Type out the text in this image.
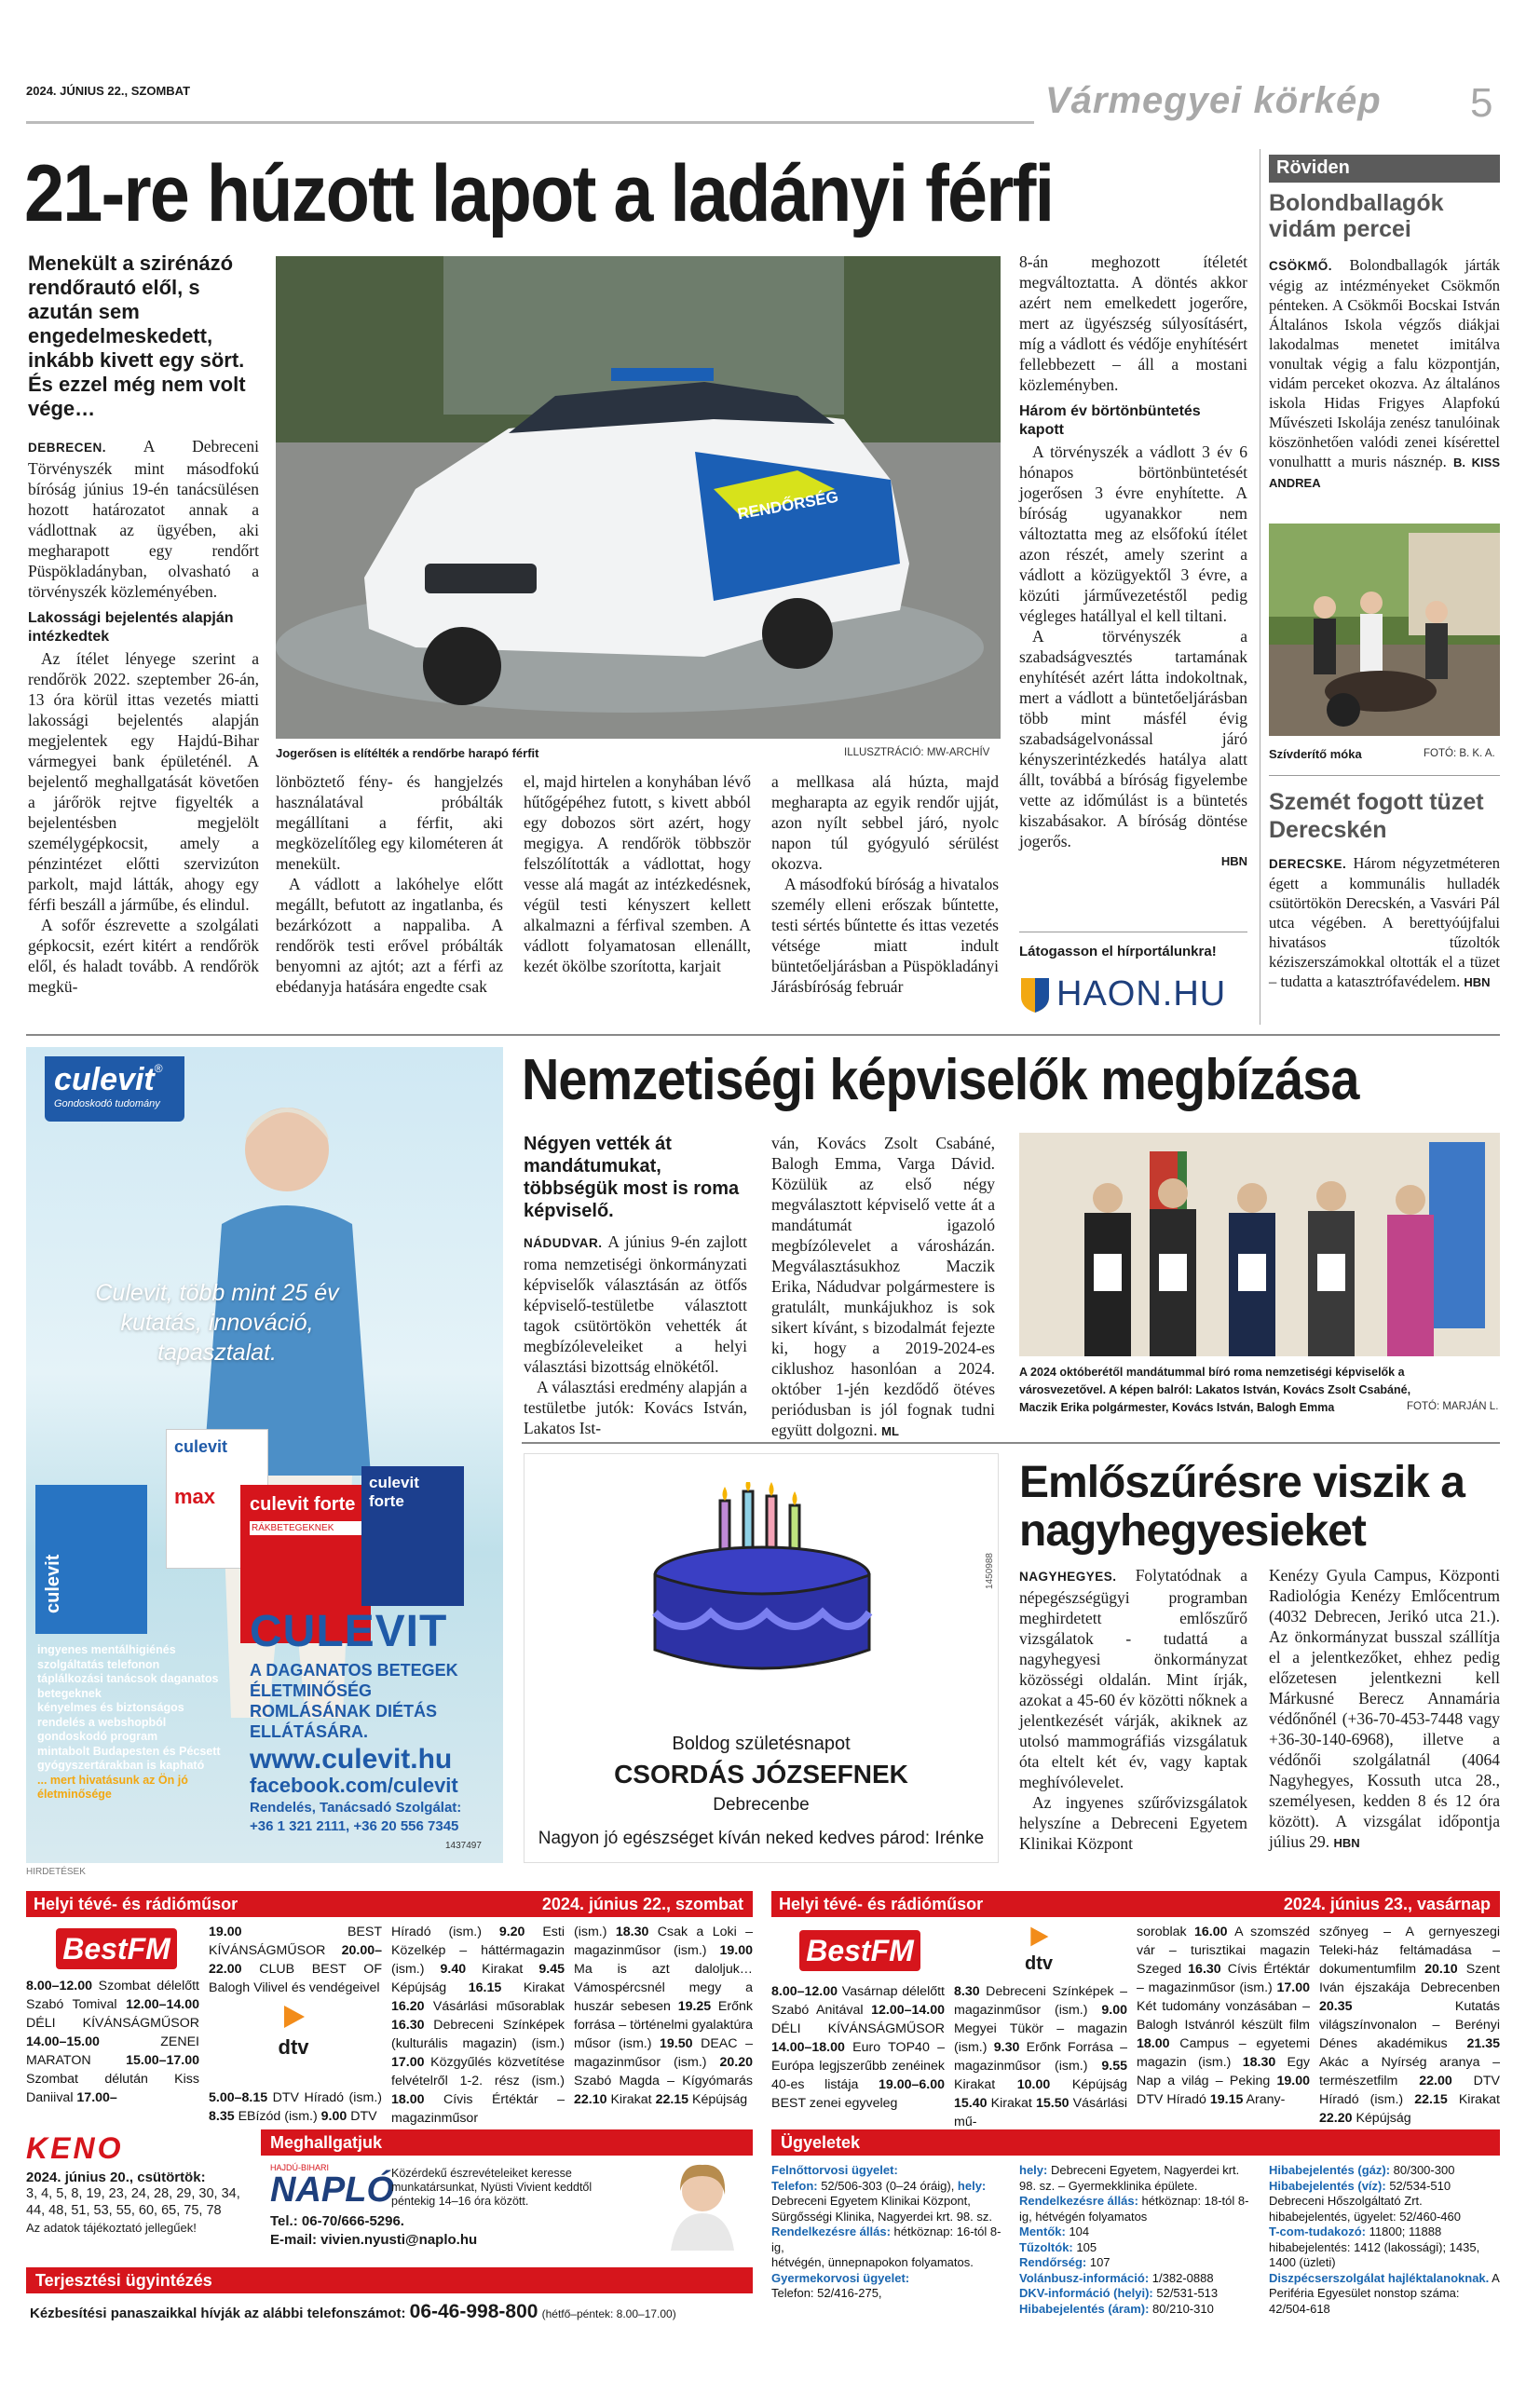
2024. JÚNIUS 22., SZOMBAT	Vármegyei körkép 5
21-re húzott lapot a ladányi férfi
Menekült a szirénázó rendőrautó elől, s azután sem engedelmeskedett, inkább kivett egy sört. És ezzel még nem volt vége…

DEBRECEN. A Debreceni Törvényszék mint másodfokú bíróság június 19-én tanácsülésen hozott határozatot annak a vádlottnak az ügyében, aki megharapott egy rendőrt Püspökladányban, olvasható a törvényszék közleményében.

Lakossági bejelentés alapján intézkedtek

Az ítélet lényege szerint a rendőrök 2022. szeptember 26-án, 13 óra körül ittas vezetés miatti lakossági bejelentés alapján megjelentek egy Hajdú-Bihar vármegyei bank épületénél. A bejelentő meghallgatását követően a járőrök rejtve figyelték a bejelentésben megjelölt személygépkocsit, amely a pénzintézet előtti szervizúton parkolt, majd látták, ahogy egy férfi beszáll a járműbe, és elindul.

A sofőr észrevette a szolgálati gépkocsit, ezért kitért a rendőrök elől, és haladt tovább. A rendőrök megkü-

RENDŐRSÉG
Jogerősen is elítélték a rendőrbe harapó férfit	ILLUSZTRÁCIÓ: MW-ARCHÍV

lönböztető fény- és hangjelzés használatával próbálták megállítani a férfit, aki megközelítőleg egy kilométeren át menekült.

A vádlott a lakóhelye előtt megállt, befutott az ingatlanba, és bezárkózott a nappaliba. A rendőrök testi erővel próbálták benyomni az ajtót; azt a férfi az ebédanyja hatására engedte csak

el, majd hirtelen a konyhában lévő hűtőgépéhez futott, s kivett abból egy dobozos sört azért, hogy megigya. A rendőrök többször felszólították a vádlottat, hogy vesse alá magát az intézkedésnek, végül testi kényszert kellett alkalmazni a férfival szemben. A vádlott folyamatosan ellenállt, kezét ökölbe szorította, karjait

a mellkasa alá húzta, majd megharapta az egyik rendőr ujját, azon nyílt sebbel járó, nyolc napon túl gyógyuló sérülést okozva.

A másodfokú bíróság a hivatalos személy elleni erőszak bűntette, testi sértés bűntette és ittas vezetés vétsége miatt indult büntetőeljárásban a Püspökladányi Járásbíróság február

8-án meghozott ítéletét megváltoztatta. A döntés akkor azért nem emelkedett jogerőre, mert az ügyészség súlyosításért, míg a vádlott és védője enyhítésért fellebbezett – áll a mostani közleményben.

Három év börtönbüntetés kapott

A törvényszék a vádlott 3 év 6 hónapos börtönbüntetését jogerősen 3 évre enyhítette. A bíróság ugyanakkor nem változtatta meg az elsőfokú ítélet azon részét, amely szerint a vádlott a közügyektől 3 évre, a közúti járművezetéstől pedig végleges hatállyal el kell tiltani.

A törvényszék a szabadságvesztés tartamának enyhítését azért látta indokoltnak, mert a vádlott a büntetőeljárásban több mint másfél évig szabadságelvonással járó kényszerintézkedés hatálya alatt állt, továbbá a bíróság figyelembe vette az időmúlást is a büntetés kiszabásakor. A bíróság döntése jogerős.

HBN
Látogasson el hírportálunkra!
HAON.HU
Röviden
Bolondballagók vidám percei

CSÖKMŐ. Bolondballagók járták végig az intézményeket Csökmőn pénteken. A Csökmői Bocskai István Általános Iskola végzős diákjai lakodalmas menetet imitálva vonultak végig a falu központján, vidám perceket okozva. Az általános iskola Hidas Frigyes Alapfokú Művészeti Iskolája zenész tanulóinak köszönhetően valódi zenei kísérettel vonulhattt a muris násznép. B. KISS ANDREA

Szívderítő móka	FOTÓ: B. K. A.
Szemét fogott tüzet Derecskén

DERECSKE. Három négyzetméteren égett a kommunális hulladék csütörtökön Derecskén, a Vasvári Pál utca végében. A berettyóújfalui hivatásos tűzoltók kéziszerszámokkal oltották el a tüzet – tudatta a katasztrófavédelem. HBN

culevit®
Gondoskodó tudomány
Culevit, több mint 25 év kutatás, innováció, tapasztalat.
culevit
max
culevit
culevit forte
RÁKBETEGEKNEK
culevit forte
ingyenes mentálhigiénés szolgáltatás telefonon
táplálkozási tanácsok daganatos betegeknek
kényelmes és biztonságos rendelés a webshopból
gondoskodó program
mintabolt Budapesten és Pécsett
gyógyszertárakban is kapható
... mert hivatásunk az Ön jó életminősége
CULEVIT
A DAGANATOS BETEGEK ÉLETMINŐSÉG ROMLÁSÁNAK DIÉTÁS ELLÁTÁSÁRA.
www.culevit.hu
facebook.com/culevit
Rendelés, Tanácsadó Szolgálat:
+36 1 321 2111, +36 20 556 7345
1437497
HIRDETÉSEK
Nemzetiségi képviselők megbízása
Négyen vették át mandátumukat, többségük most is roma képviselő.

NÁDUDVAR. A június 9-én zajlott roma nemzetiségi önkormányzati képviselők választásán az ötfős képviselő-testületbe választott tagok csütörtökön vehették át megbízóleveleiket a helyi választási bizottság elnökétől.

A választási eredmény alapján a testületbe jutók: Kovács István, Lakatos Ist-

ván, Kovács Zsolt Csabáné, Balogh Emma, Varga Dávid. Közülük az első négy megválasztott képviselő vette át a mandátumát igazoló megbízólevelet a városházán. Megválasztásukhoz Maczik Erika, Nádudvar polgármestere is gratulált, munkájukhoz is sok sikert kívánt, s bizodalmát fejezte ki, hogy a 2019-2024-es ciklushoz hasonlóan a 2024. október 1-jén kezdődő ötéves periódusban is jól fognak tudni együtt dolgozni. ML

A 2024 októberétől mandátummal bíró roma nemzetiségi képviselők a városvezetővel. A képen balról: Lakatos István, Kovács Zsolt Csabáné, Maczik Erika polgármester, Kovács István, Balogh Emma	FOTÓ: MARJÁN L.
1450988
Boldog születésnapot
CSORDÁS JÓZSEFNEK
Debrecenbe
Nagyon jó egészséget kíván neked kedves párod: Irénke
Emlőszűrésre viszik a nagyhegyesieket

NAGYHEGYES. Folytatódnak a népegészségügyi programban meghirdetett emlőszűrő vizsgálatok - tudattá a nagyhegyesi önkormányzat közösségi oldalán. Mint írják, azokat a 45-60 év közötti nőknek a jelentkezését várják, akiknek az utolsó mammográfiás vizsgálatuk óta eltelt két év, vagy kaptak meghívólevelet.

Az ingyenes szűrővizsgálatok helyszíne a Debreceni Egyetem Klinikai Központ

Kenézy Gyula Campus, Központi Radiológia Kenézy Emlőcentrum (4032 Debrecen, Jerikó utca 21.). Az önkormányzat busszal szállítja el a jelentkezőket, ehhez pedig előzetesen jelentkezni kell Márkusné Berecz Annamária védőnőnél (+36-70-453-7448 vagy +36-30-140-6968), illetve a védőnői szolgálatnál (4064 Nagyhegyes, Kossuth utca 28., személyesen, kedden 8 és 12 óra között). A vizsgálat időpontja július 29. HBN

Helyi tévé- és rádióműsor	2024. június 22., szombat
BestFM
8.00–12.00 Szombat délelőtt Szabó Tomival 12.00–14.00 DÉLI KÍVÁNSÁGMŰSOR 14.00–15.00 ZENEI MARATON 15.00–17.00 Szombat délután Kiss Daniival 17.00–
19.00 BEST KÍVÁNSÁGMŰSOR 20.00–22.00 CLUB BEST OF Balogh Vilivel és vendégeivel
dtv
5.00–8.15 DTV Híradó (ism.) 8.35 EBízód (ism.) 9.00 DTV
Híradó (ism.) 9.20 Esti Közelkép – háttérmagazin (ism.) 9.40 Kirakat 9.45 Képújság 16.15 Kirakat 16.20 Vásárlási műsorablak 16.30 Debreceni Színképek (kulturális magazin) (ism.) 17.00 Közgyűlés közvetítése felvételről 1-2. rész (ism.) 18.00 Cívis Értéktár – magazinműsor
(ism.) 18.30 Csak a Loki – magazinműsor (ism.) 19.00 Ma is azt daloljuk… Vámospércsnél megy a huszár sebesen 19.25 Erőnk forrása – történelmi gyalaktúra műsor (ism.) 19.50 DEAC – magazinműsor (ism.) 20.20 Szabó Magda – Kígyómarás 22.10 Kirakat 22.15 Képújság
Helyi tévé- és rádióműsor	2024. június 23., vasárnap
BestFM	dtv
8.00–12.00 Vasárnap délelőtt Szabó Anitával 12.00–14.00 DÉLI KÍVÁNSÁGMŰSOR 14.00–18.00 Euro TOP40 – Európa legjszerűbb zenéinek 40-es listája 19.00–6.00 BEST zenei egyveleg
8.30 Debreceni Színképek – magazinműsor (ism.) 9.00 Megyei Tükör – magazin (ism.) 9.30 Erőnk Forrása – magazinműsor (ism.) 9.55 Kirakat 10.00 Képújság 15.40 Kirakat 15.50 Vásárlási mű-
soroblak 16.00 A szomszéd vár – turisztikai magazin Szeged 16.30 Cívis Értéktár – magazinműsor (ism.) 17.00 Két tudomány vonzásában – Balogh Istvánról készült film 18.00 Campus – egyetemi magazin (ism.) 18.30 Egy Nap a világ – Peking 19.00 DTV Híradó 19.15 Arany-
szőnyeg – A gernyeszegi Teleki-ház feltámadása – dokumentumfilm 20.10 Szent Iván éjszakája Debrecenben 20.35 Kutatás világszínvonalon – Berényi Dénes akadémikus 21.35 Akác a Nyírség aranya – természetfilm 22.00 DTV Híradó (ism.) 22.15 Kirakat 22.20 Képújság
KENO
2024. június 20., csütörtök:
3, 4, 5, 8, 19, 23, 24, 28, 29, 30, 34, 44, 48, 51, 53, 55, 60, 65, 75, 78
Az adatok tájékoztató jellegűek!
Meghallgatjuk
HAJDÚ-BIHARI
NAPLÓ
Közérdekű észrevételeiket keresse munkatársunkat, Nyüsti Vivient keddtől péntekig 14–16 óra között.
Tel.: 06-70/666-5296.
E-mail: vivien.nyusti@naplo.hu
Terjesztési ügyintézés
Kézbesítési panaszaikkal hívják az alábbi telefonszámot: 06-46-998-800 (hétfő–péntek: 8.00–17.00)
Ügyeletek
Felnőttorvosi ügyelet:
Telefon: 52/506-303 (0–24 óráig), hely: Debreceni Egyetem Klinikai Központ, Sürgősségi Klinika, Nagyerdei krt. 98. sz.
Rendelkezésre állás: hétköznap: 16-tól 8-ig,
hétvégén, ünnepnapokon folyamatos.
Gyermekorvosi ügyelet:
Telefon: 52/416-275,
hely: Debreceni Egyetem, Nagyerdei krt. 98. sz. – Gyermekklinika épülete.
Rendelkezésre állás: hétköznap: 18-tól 8-ig, hétvégén folyamatos
Mentők: 104
Tűzoltók: 105
Rendőrség: 107
Volánbusz-információ: 1/382-0888
DKV-információ (helyi): 52/531-513
Hibabejelentés (áram): 80/210-310
Hibabejelentés (gáz): 80/300-300
Hibabejelentés (víz): 52/534-510
Debreceni Hőszolgáltató Zrt. hibabejelentés, ügyelet: 52/460-460
T-com-tudakozó: 11800; 11888
hibabejelentés: 1412 (lakossági); 1435, 1400 (üzleti)
Diszpécserszolgálat hajléktalanoknak. A Periféria Egyesület nonstop száma: 42/504-618
